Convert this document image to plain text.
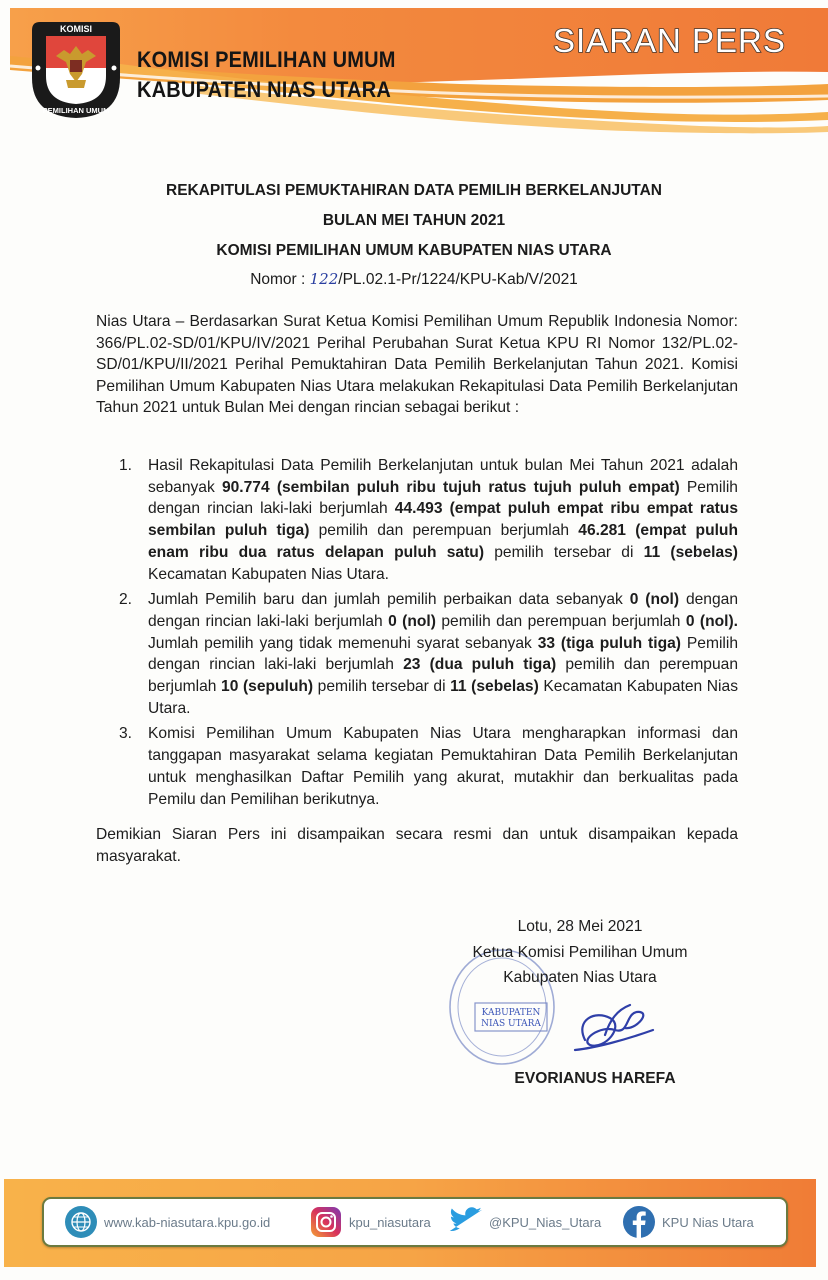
KOMISI
PEMILIHAN UMUM
KOMISI PEMILIHAN UMUM
KABUPATEN NIAS UTARA
SIARAN PERS
REKAPITULASI PEMUKTAHIRAN DATA PEMILIH BERKELANJUTAN
BULAN MEI TAHUN 2021
KOMISI PEMILIHAN UMUM KABUPATEN NIAS UTARA
Nomor : 122/PL.02.1-Pr/1224/KPU-Kab/V/2021
Nias Utara – Berdasarkan Surat Ketua Komisi Pemilihan Umum Republik Indonesia Nomor: 366/PL.02-SD/01/KPU/IV/2021 Perihal Perubahan Surat Ketua KPU RI Nomor 132/PL.02-SD/01/KPU/II/2021 Perihal Pemuktahiran Data Pemilih Berkelanjutan Tahun 2021. Komisi Pemilihan Umum Kabupaten Nias Utara melakukan Rekapitulasi Data Pemilih Berkelanjutan Tahun 2021 untuk Bulan Mei dengan rincian sebagai berikut :
1. Hasil Rekapitulasi Data Pemilih Berkelanjutan untuk bulan Mei Tahun 2021 adalah sebanyak 90.774 (sembilan puluh ribu tujuh ratus tujuh puluh empat) Pemilih dengan rincian laki-laki berjumlah 44.493 (empat puluh empat ribu empat ratus sembilan puluh tiga) pemilih dan perempuan berjumlah 46.281 (empat puluh enam ribu dua ratus delapan puluh satu) pemilih tersebar di 11 (sebelas) Kecamatan Kabupaten Nias Utara.
2. Jumlah Pemilih baru dan jumlah pemilih perbaikan data sebanyak 0 (nol) dengan dengan rincian laki-laki berjumlah 0 (nol) pemilih dan perempuan berjumlah 0 (nol). Jumlah pemilih yang tidak memenuhi syarat sebanyak 33 (tiga puluh tiga) Pemilih dengan rincian laki-laki berjumlah 23 (dua puluh tiga) pemilih dan perempuan berjumlah 10 (sepuluh) pemilih tersebar di 11 (sebelas) Kecamatan Kabupaten Nias Utara.
3. Komisi Pemilihan Umum Kabupaten Nias Utara mengharapkan informasi dan tanggapan masyarakat selama kegiatan Pemuktahiran Data Pemilih Berkelanjutan untuk menghasilkan Daftar Pemilih yang akurat, mutakhir dan berkualitas pada Pemilu dan Pemilihan berikutnya.
Demikian Siaran Pers ini disampaikan secara resmi dan untuk disampaikan kepada masyarakat.
KABUPATEN
NIAS UTARA
Lotu, 28 Mei 2021
Ketua Komisi Pemilihan Umum
Kabupaten Nias Utara
EVORIANUS HAREFA
www.kab-niasutara.kpu.go.id	kpu_niasutara	@KPU_Nias_Utara	KPU Nias Utara
